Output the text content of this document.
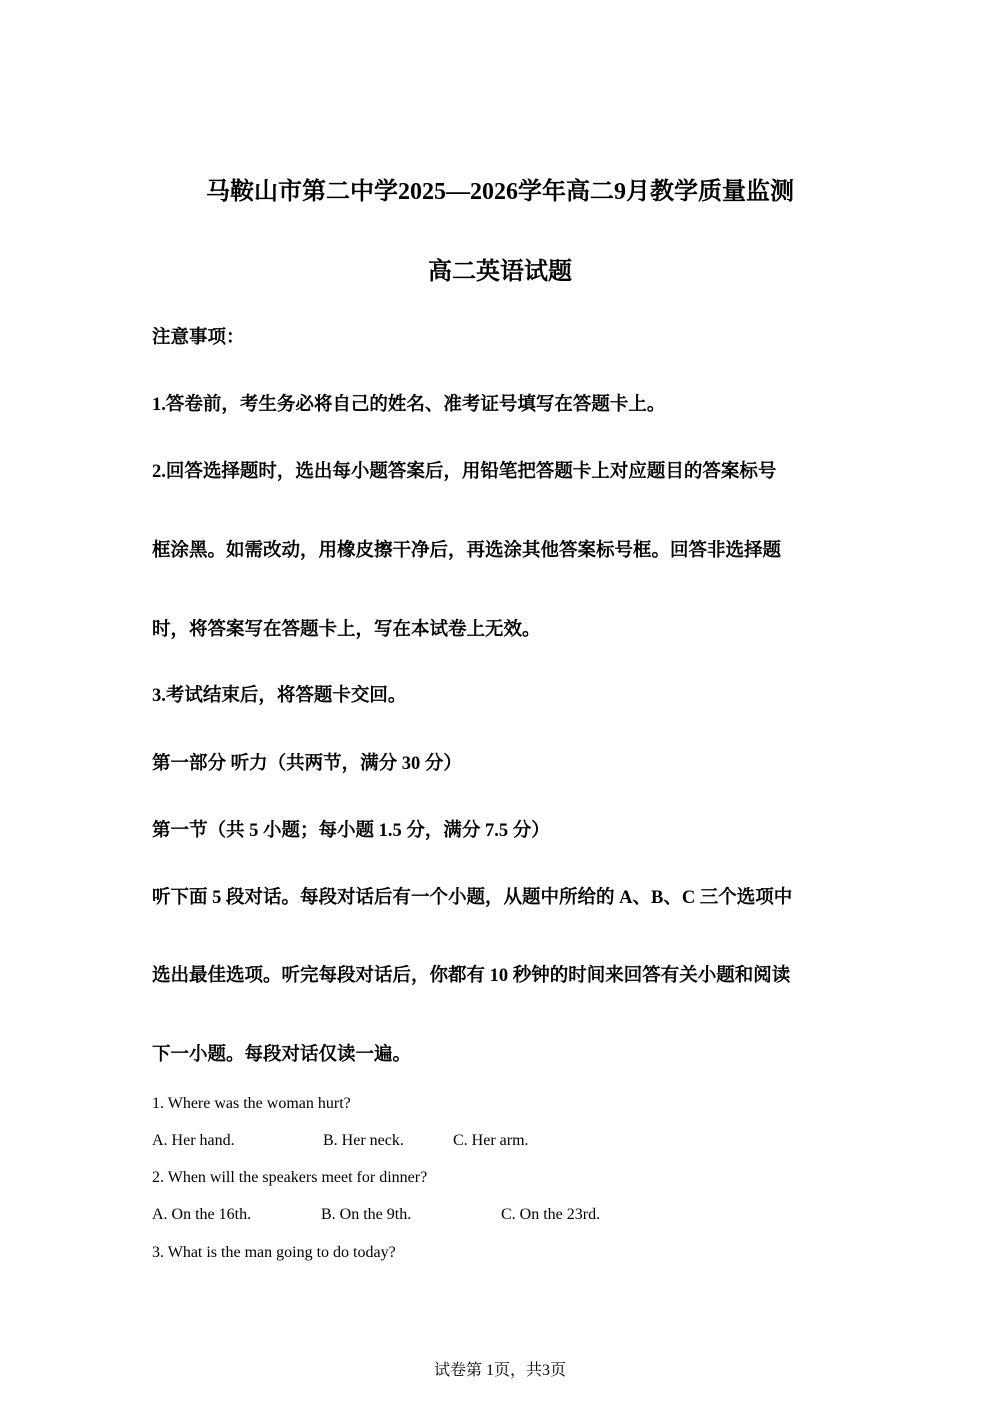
马鞍山市第二中学2025—2026学年高二9月教学质量监测
高二英语试题
注意事项：
1.答卷前，考生务必将自己的姓名、准考证号填写在答题卡上。
2.回答选择题时，选出每小题答案后，用铅笔把答题卡上对应题目的答案标号
框涂黑。如需改动，用橡皮擦干净后，再选涂其他答案标号框。回答非选择题
时，将答案写在答题卡上，写在本试卷上无效。
3.考试结束后，将答题卡交回。
第一部分 听力（共两节，满分 30 分）
第一节（共 5 小题；每小题 1.5 分，满分 7.5 分）
听下面 5 段对话。每段对话后有一个小题，从题中所给的 A、B、C 三个选项中
选出最佳选项。听完每段对话后，你都有 10 秒钟的时间来回答有关小题和阅读
下一小题。每段对话仅读一遍。
1. Where was the woman hurt?
A. Her hand.	B. Her neck.	C. Her arm.
2. When will the speakers meet for dinner?
A. On the 16th.	B. On the 9th.	C. On the 23rd.
3. What is the man going to do today?
试卷第 1页，共3页
